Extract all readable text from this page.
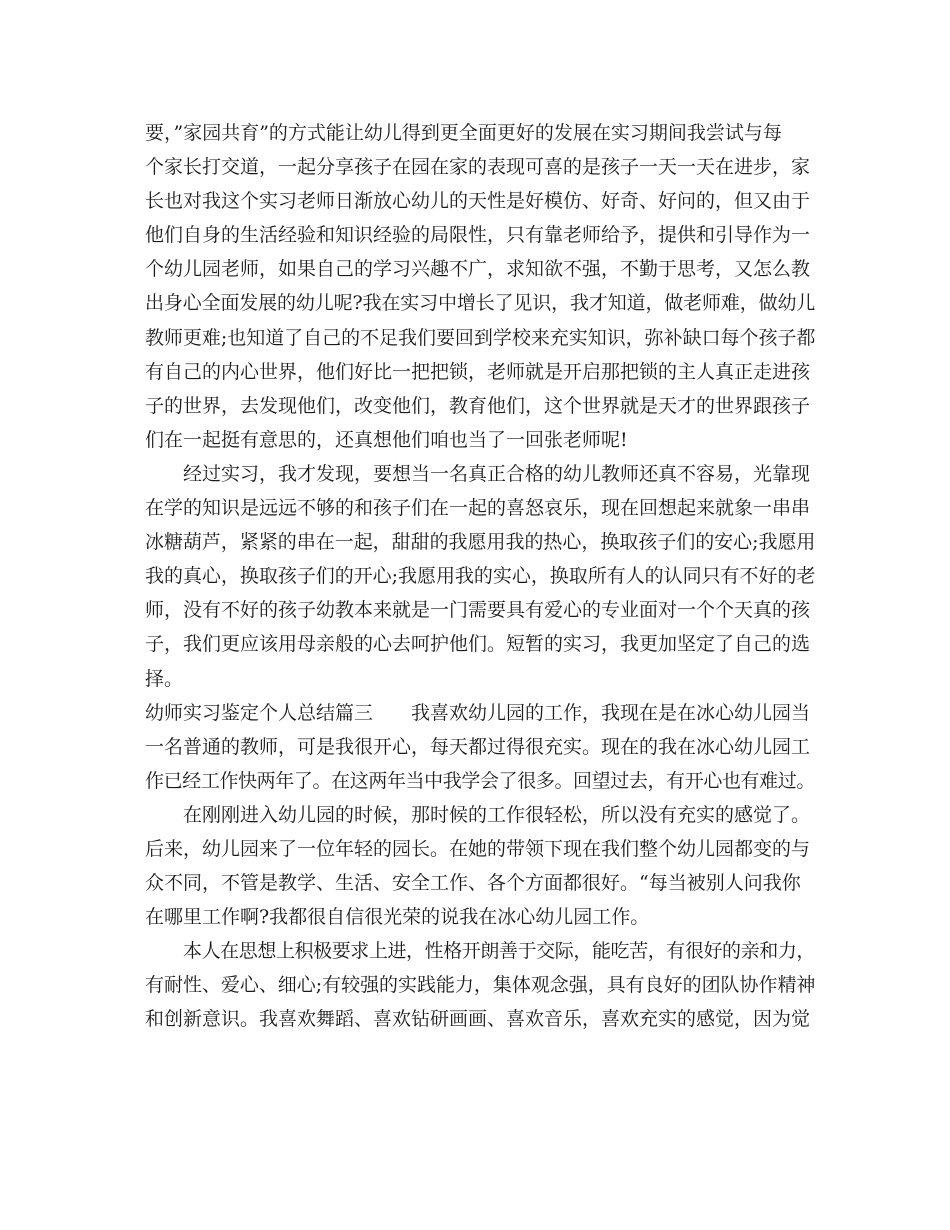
要，”家园共育”的方式能让幼儿得到更全面更好的发展在实习期间我尝试与每
个家长打交道，一起分享孩子在园在家的表现可喜的是孩子一天一天在进步，家
长也对我这个实习老师日渐放心幼儿的天性是好模仿、好奇、好问的，但又由于
他们自身的生活经验和知识经验的局限性，只有靠老师给予，提供和引导作为一
个幼儿园老师，如果自己的学习兴趣不广，求知欲不强，不勤于思考，又怎么教
出身心全面发展的幼儿呢?我在实习中增长了见识，我才知道，做老师难，做幼儿
教师更难;也知道了自己的不足我们要回到学校来充实知识，弥补缺口每个孩子都
有自己的内心世界，他们好比一把把锁，老师就是开启那把锁的主人真正走进孩
子的世界，去发现他们，改变他们，教育他们，这个世界就是天才的世界跟孩子
们在一起挺有意思的，还真想他们咱也当了一回张老师呢!
经过实习，我才发现，要想当一名真正合格的幼儿教师还真不容易，光靠现
在学的知识是远远不够的和孩子们在一起的喜怒哀乐，现在回想起来就象一串串
冰糖葫芦，紧紧的串在一起，甜甜的我愿用我的热心，换取孩子们的安心;我愿用
我的真心，换取孩子们的开心;我愿用我的实心，换取所有人的认同只有不好的老
师，没有不好的孩子幼教本来就是一门需要具有爱心的专业面对一个个天真的孩
子，我们更应该用母亲般的心去呵护他们。短暂的实习，我更加坚定了自己的选
择。
幼师实习鉴定个人总结篇三　　我喜欢幼儿园的工作，我现在是在冰心幼儿园当
一名普通的教师，可是我很开心，每天都过得很充实。现在的我在冰心幼儿园工
作已经工作快两年了。在这两年当中我学会了很多。回望过去，有开心也有难过。
在刚刚进入幼儿园的时候，那时候的工作很轻松，所以没有充实的感觉了。
后来，幼儿园来了一位年轻的园长。在她的带领下现在我们整个幼儿园都变的与
众不同，不管是教学、生活、安全工作、各个方面都很好。“每当被别人问我你
在哪里工作啊?我都很自信很光荣的说我在冰心幼儿园工作。
本人在思想上积极要求上进，性格开朗善于交际，能吃苦，有很好的亲和力，
有耐性、爱心、细心;有较强的实践能力，集体观念强，具有良好的团队协作精神
和创新意识。我喜欢舞蹈、喜欢钻研画画、喜欢音乐，喜欢充实的感觉，因为觉
